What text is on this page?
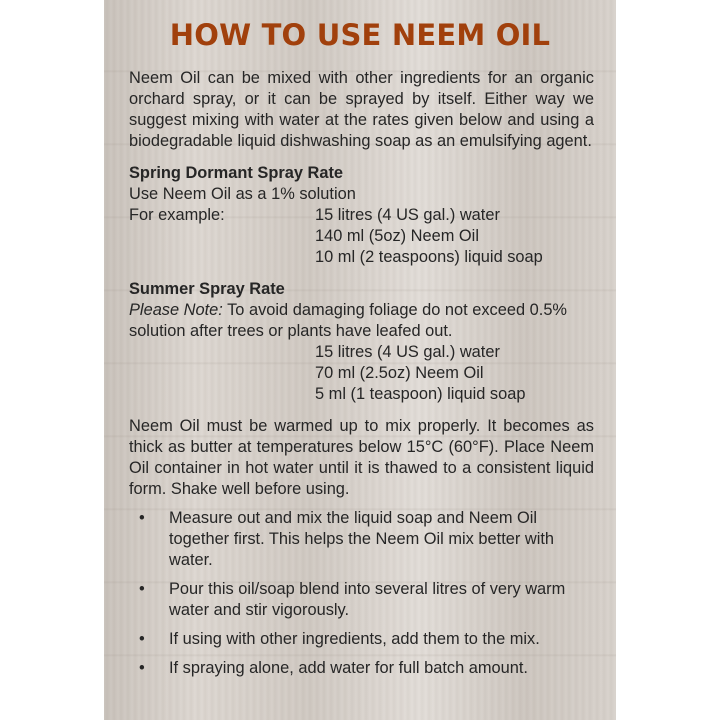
HOW TO USE NEEM OIL

Neem Oil can be mixed with other ingredients for an organic orchard spray, or it can be sprayed by itself. Either way we suggest mixing with water at the rates given below and using a biodegradable liquid dishwashing soap as an emulsifying agent.

Spring Dormant Spray Rate

Use Neem Oil as a 1% solution

For example:	15 litres (4 US gal.) water

140 ml (5oz) Neem Oil

10 ml (2 teaspoons) liquid soap

Summer Spray Rate

Please Note: To avoid damaging foliage do not exceed 0.5% solution after trees or plants have leafed out.

15 litres (4 US gal.) water

70 ml (2.5oz) Neem Oil

5 ml (1 teaspoon) liquid soap

Neem Oil must be warmed up to mix properly. It becomes as thick as butter at temperatures below 15°C (60°F). Place Neem Oil container in hot water until it is thawed to a consistent liquid form. Shake well before using.

• Measure out and mix the liquid soap and Neem Oil together first. This helps the Neem Oil mix better with water.
• Pour this oil/soap blend into several litres of very warm water and stir vigorously.
• If using with other ingredients, add them to the mix.
• If spraying alone, add water for full batch amount.
